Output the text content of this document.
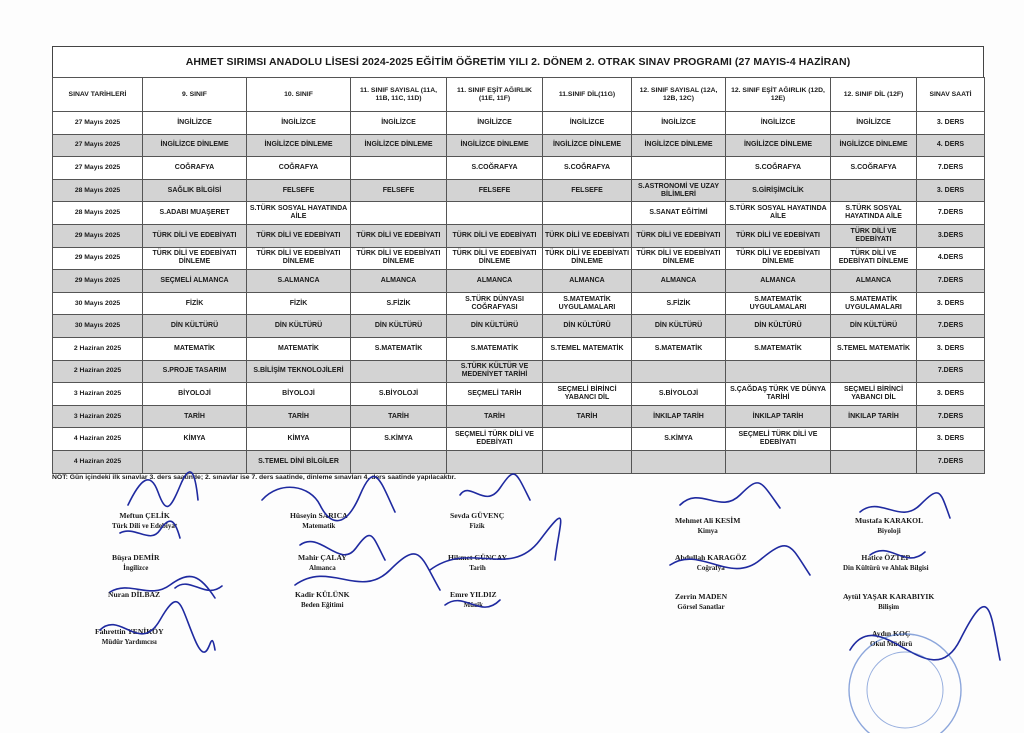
AHMET SIRIMSI ANADOLU LİSESİ 2024-2025 EĞİTİM ÖĞRETİM YILI 2. DÖNEM 2. OTRAK SINAV PROGRAMI (27 MAYIS-4 HAZİRAN)
SINAV TARİHLERİ	9. SINIF	10. SINIF	11. SINIF SAYISAL (11A, 11B, 11C, 11D)	11. SINIF EŞİT AĞIRLIK (11E, 11F)	11.SINIF DİL(11G)	12. SINIF SAYISAL (12A, 12B, 12C)	12. SINIF EŞİT AĞIRLIK (12D, 12E)	12. SINIF DİL (12F)	SINAV SAATİ
27 Mayıs 2025	İNGİLİZCE	İNGİLİZCE	İNGİLİZCE	İNGİLİZCE	İNGİLİZCE	İNGİLİZCE	İNGİLİZCE	İNGİLİZCE	3. DERS
27 Mayıs 2025	İNGİLİZCE DİNLEME	İNGİLİZCE DİNLEME	İNGİLİZCE DİNLEME	İNGİLİZCE DİNLEME	İNGİLİZCE DİNLEME	İNGİLİZCE DİNLEME	İNGİLİZCE DİNLEME	İNGİLİZCE DİNLEME	4. DERS
27 Mayıs 2025	COĞRAFYA	COĞRAFYA		S.COĞRAFYA	S.COĞRAFYA		S.COĞRAFYA	S.COĞRAFYA	7.DERS
28 Mayıs 2025	SAĞLIK BİLGİSİ	FELSEFE	FELSEFE	FELSEFE	FELSEFE	S.ASTRONOMİ VE UZAY BİLİMLERİ	S.GİRİŞİMCİLİK		3. DERS
28 Mayıs 2025	S.ADABI MUAŞERET	S.TÜRK SOSYAL HAYATINDA AİLE				S.SANAT EĞİTİMİ	S.TÜRK SOSYAL HAYATINDA AİLE	S.TÜRK SOSYAL HAYATINDA AİLE	7.DERS
29 Mayıs 2025	TÜRK DİLİ VE EDEBİYATI	TÜRK DİLİ VE EDEBİYATI	TÜRK DİLİ VE EDEBİYATI	TÜRK DİLİ VE EDEBİYATI	TÜRK DİLİ VE EDEBİYATI	TÜRK DİLİ VE EDEBİYATI	TÜRK DİLİ VE EDEBİYATI	TÜRK DİLİ VE EDEBİYATI	3.DERS
29 Mayıs 2025	TÜRK DİLİ VE EDEBİYATI DİNLEME	TÜRK DİLİ VE EDEBİYATI DİNLEME	TÜRK DİLİ VE EDEBİYATI DİNLEME	TÜRK DİLİ VE EDEBİYATI DİNLEME	TÜRK DİLİ VE EDEBİYATI DİNLEME	TÜRK DİLİ VE EDEBİYATI DİNLEME	TÜRK DİLİ VE EDEBİYATI DİNLEME	TÜRK DİLİ VE EDEBİYATI DİNLEME	4.DERS
29 Mayıs 2025	SEÇMELİ ALMANCA	S.ALMANCA	ALMANCA	ALMANCA	ALMANCA	ALMANCA	ALMANCA	ALMANCA	7.DERS
30 Mayıs 2025	FİZİK	FİZİK	S.FİZİK	S.TÜRK DÜNYASI COĞRAFYASI	S.MATEMATİK UYGULAMALARI	S.FİZİK	S.MATEMATİK UYGULAMALARI	S.MATEMATİK UYGULAMALARI	3. DERS
30 Mayıs 2025	DİN KÜLTÜRÜ	DİN KÜLTÜRÜ	DİN KÜLTÜRÜ	DİN KÜLTÜRÜ	DİN KÜLTÜRÜ	DİN KÜLTÜRÜ	DİN KÜLTÜRÜ	DİN KÜLTÜRÜ	7.DERS
2 Haziran 2025	MATEMATİK	MATEMATİK	S.MATEMATİK	S.MATEMATİK	S.TEMEL MATEMATİK	S.MATEMATİK	S.MATEMATİK	S.TEMEL MATEMATİK	3. DERS
2 Haziran 2025	S.PROJE TASARIM	S.BİLİŞİM TEKNOLOJİLERİ		S.TÜRK KÜLTÜR VE MEDENİYET TARİHİ					7.DERS
3 Haziran 2025	BİYOLOJİ	BİYOLOJİ	S.BİYOLOJİ	SEÇMELİ TARİH	SEÇMELİ BİRİNCİ YABANCI DİL	S.BİYOLOJİ	S.ÇAĞDAŞ TÜRK VE DÜNYA TARİHİ	SEÇMELİ BİRİNCİ YABANCI DİL	3. DERS
3 Haziran 2025	TARİH	TARİH	TARİH	TARİH	TARİH	İNKILAP TARİH	İNKILAP TARİH	İNKILAP TARİH	7.DERS
4 Haziran 2025	KİMYA	KİMYA	S.KİMYA	SEÇMELİ TÜRK DİLİ VE EDEBİYATI		S.KİMYA	SEÇMELİ TÜRK DİLİ VE EDEBİYATI		3. DERS
4 Haziran 2025		S.TEMEL DİNİ BİLGİLER							7.DERS
NOT: Gün içindeki ilk sınavlar 3. ders saatinde; 2. sınavlar ise 7. ders saatinde, dinleme sınavları 4. ders saatinde yapılacaktır.
Meftun ÇELİK
Türk Dili ve Edebiyat
Büşra DEMİR
İngilizce
Nuran DİLBAZ
Fahrettin YENİKÖY
Müdür Yardımcısı
Hüseyin SARICA
Matematik
Mahir ÇALAY
Almanca
Kadir KÜLÜNK
Beden Eğitimi
Sevda GÜVENÇ
Fizik
Hikmet GÜNCAY
Tarih
Emre YILDIZ
Müzik
Mehmet Ali KESİM
Kimya
Abdullah KARAGÖZ
Coğrafya
Zerrin MADEN
Görsel Sanatlar
Mustafa KARAKOL
Biyoloji
Hatice ÖZTEP
Din Kültürü ve Ahlak Bilgisi
Aytül YAŞAR KARABIYIK
Bilişim
Aydın KOÇ
Okul Müdürü
